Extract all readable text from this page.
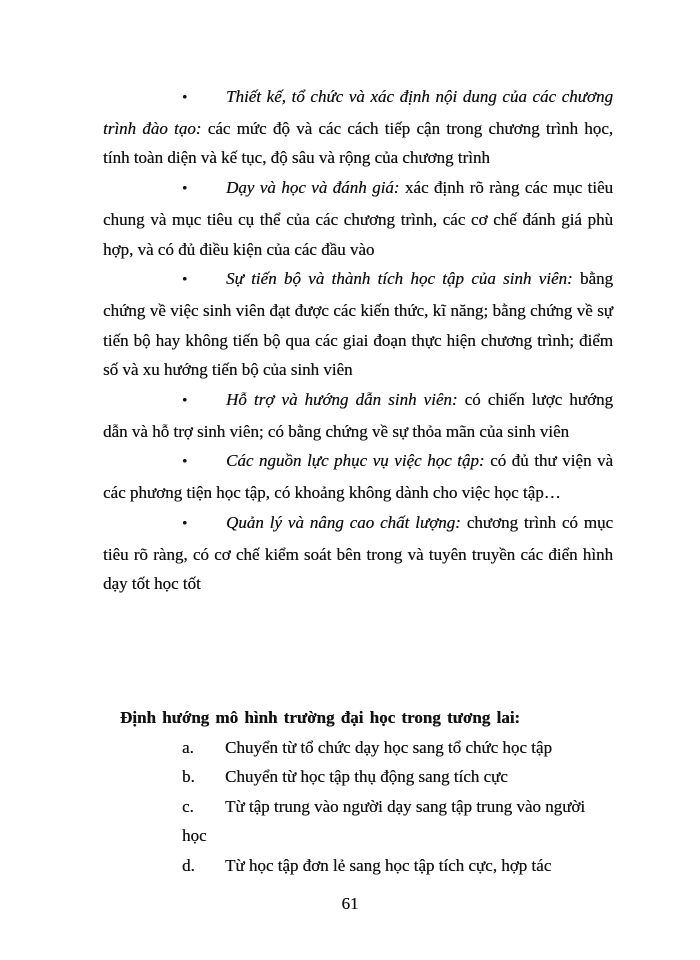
• Thiết kế, tổ chức và xác định nội dung của các chương trình đào tạo: các mức độ và các cách tiếp cận trong chương trình học, tính toàn diện và kế tục, độ sâu và rộng của chương trình

• Dạy và học và đánh giá: xác định rõ ràng các mục tiêu chung và mục tiêu cụ thể của các chương trình, các cơ chế đánh giá phù hợp, và có đủ điều kiện của các đầu vào

• Sự tiến bộ và thành tích học tập của sinh viên: bằng chứng về việc sinh viên đạt được các kiến thức, kĩ năng; bằng chứng về sự tiến bộ hay không tiến bộ qua các giai đoạn thực hiện chương trình; điểm số và xu hướng tiến bộ của sinh viên

• Hỗ trợ và hướng dẫn sinh viên: có chiến lược hướng dẫn và hỗ trợ sinh viên; có bằng chứng về sự thỏa mãn của sinh viên

• Các nguồn lực phục vụ việc học tập: có đủ thư viện và các phương tiện học tập, có khoảng không dành cho việc học tập…

• Quản lý và nâng cao chất lượng: chương trình có mục tiêu rõ ràng, có cơ chế kiểm soát bên trong và tuyên truyền các điển hình dạy tốt học tốt

Định hướng mô hình trường đại học trong tương lai:

a. Chuyển từ tổ chức dạy học sang tổ chức học tập
b. Chuyển từ học tập thụ động sang tích cực
c. Từ tập trung vào người dạy sang tập trung vào người học
d. Từ học tập đơn lẻ sang học tập tích cực, hợp tác
61
